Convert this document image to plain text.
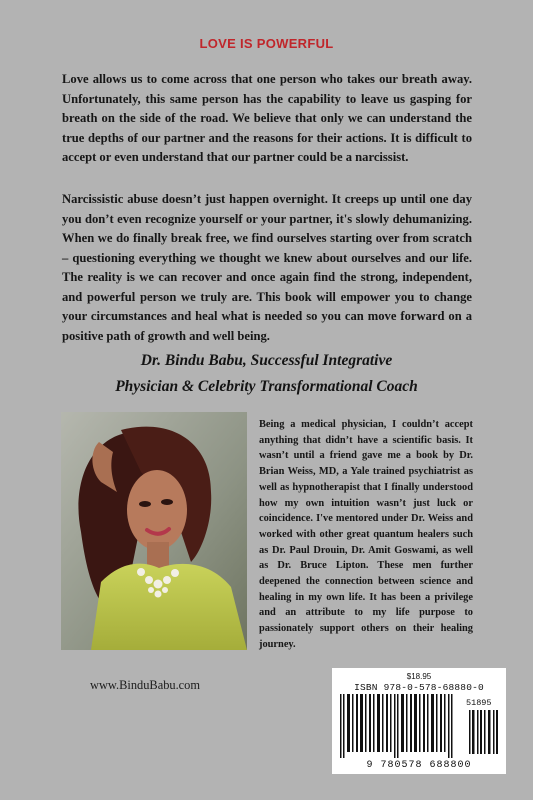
LOVE IS POWERFUL

Love allows us to come across that one person who takes our breath away. Unfortunately, this same person has the capability to leave us gasping for breath on the side of the road. We believe that only we can understand the true depths of our partner and the reasons for their actions. It is difficult to accept or even understand that our partner could be a narcissist.

Narcissistic abuse doesn’t just happen overnight. It creeps up until one day you don’t even recognize yourself or your partner, it's slowly dehumanizing. When we do finally break free, we find ourselves starting over from scratch – questioning everything we thought we knew about ourselves and our life. The reality is we can recover and once again find the strong, independent, and powerful person we truly are. This book will empower you to change your circumstances and heal what is needed so you can move forward on a positive path of growth and well being.

Dr. Bindu Babu, Successful Integrative
Physician & Celebrity Transformational Coach

Being a medical physician, I couldn’t accept anything that didn’t have a scientific basis. It wasn’t until a friend gave me a book by Dr. Brian Weiss, MD, a Yale trained psychiatrist as well as hypnotherapist that I finally understood how my own intuition wasn’t just luck or coincidence. I've mentored under Dr. Weiss and worked with other great quantum healers such as Dr. Paul Drouin, Dr. Amit Goswami, as well as Dr. Bruce Lipton. These men further deepened the connection between science and healing in my own life. It has been a privilege and an attribute to my life purpose to passionately support others on their healing journey.

www.BinduBabu.com
$18.95
ISBN 978-0-578-68880-0
51895
9 780578 688800
